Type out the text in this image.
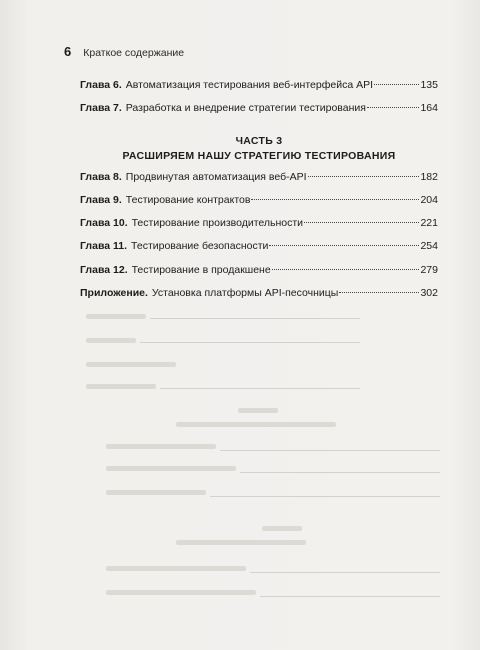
6 Краткое содержание
Глава 6. Автоматизация тестирования веб-интерфейса API	135
Глава 7. Разработка и внедрение стратегии тестирования	164
ЧАСТЬ 3
РАСШИРЯЕМ НАШУ СТРАТЕГИЮ ТЕСТИРОВАНИЯ
Глава 8. Продвинутая автоматизация веб-API	182
Глава 9. Тестирование контрактов	204
Глава 10. Тестирование производительности	221
Глава 11. Тестирование безопасности	254
Глава 12. Тестирование в продакшене	279
Приложение. Установка платформы API-песочницы	302
